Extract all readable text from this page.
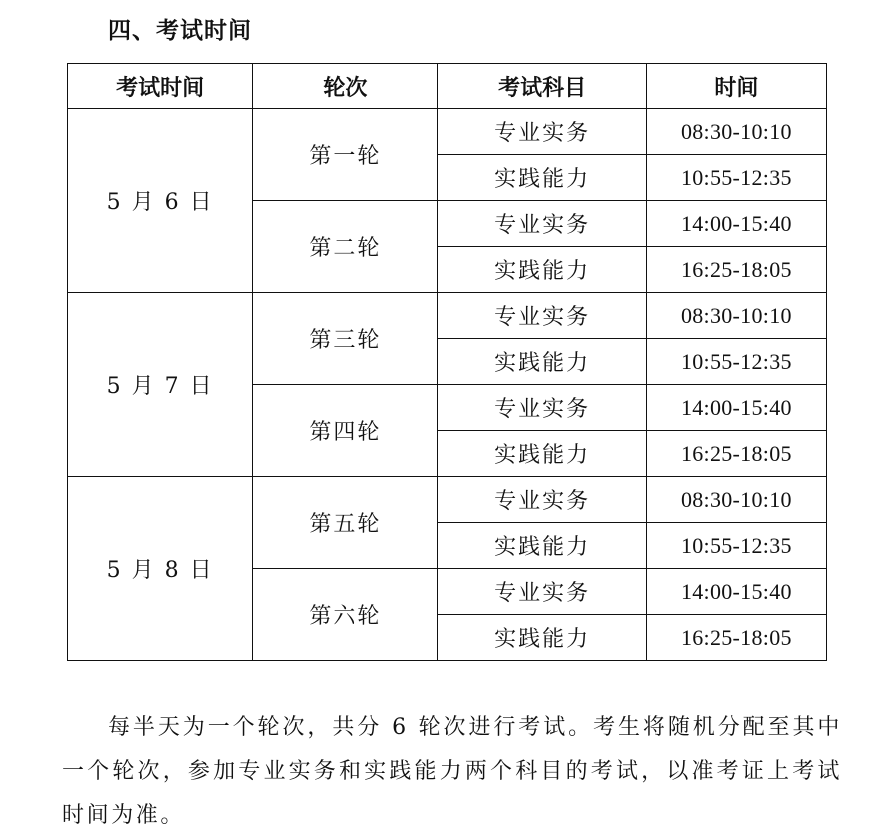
四、考试时间
考试时间	轮次	考试科目	时间
5 月 6 日	第一轮	专业实务	08:30-10:10
		实践能力	10:55-12:35
	第二轮	专业实务	14:00-15:40
		实践能力	16:25-18:05
5 月 7 日	第三轮	专业实务	08:30-10:10
		实践能力	10:55-12:35
	第四轮	专业实务	14:00-15:40
		实践能力	16:25-18:05
5 月 8 日	第五轮	专业实务	08:30-10:10
		实践能力	10:55-12:35
	第六轮	专业实务	14:00-15:40
		实践能力	16:25-18:05

每半天为一个轮次，共分 6 轮次进行考试。考生将随机分配至其中一个轮次，参加专业实务和实践能力两个科目的考试，以准考证上考试时间为准。
